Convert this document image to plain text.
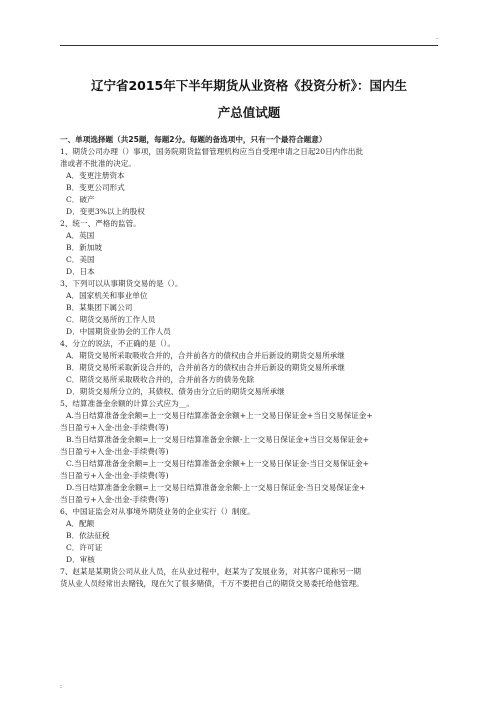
.
辽宁省2015年下半年期货从业资格《投资分析》：国内生
产总值试题

一、单项选择题（共25题，每题2分。每题的备选项中，只有一个最符合题意）

1、期货公司办理（）事项，国务院期货监督管理机构应当自受理申请之日起20日内作出批

准或者不批准的决定。

A．变更注册资本

B．变更公司形式

C．破产

D．变更3%以上的股权

2、统一、严格的监管。

A．英国

B．新加坡

C．美国

D．日本

3、下列可以从事期货交易的是（）。

A．国家机关和事业单位

B．某集团下属公司

C．期货交易所的工作人员

D．中国期货业协会的工作人员

4、分立的说法，不正确的是（）。

A．期货交易所采取吸收合并的，合并前各方的债权由合并后新设的期货交易所承继

B．期货交易所采取新设合并的，合并前各方的债权由合并后新设的期货交易所承继

C．期货交易所采取吸收合并的，合并前各方的债务免除

D．期货交易所分立的，其债权、债务由分立后的期货交易所承继

5、结算准备金余额的计算公式应为__。

A.当日结算准备金余额=上一交易日结算准备金余额+上一交易日保证金+当日交易保证金+

当日盈亏+入金-出金-手续费(等)

B.当日结算准备金余额=上一交易日结算准备金余额-上一交易日保证金+当日交易保证金+

当日盈亏+入金-出金-手续费(等)

C.当日结算准备金余额=上一交易日结算准备金余额+上一交易日保证金-当日交易保证金+

当日盈亏+入金-出金-手续费(等)

D.当日结算准备金余额=上一交易日结算准备金余额-上一交易日保证金-当日交易保证金+

当日盈亏+入金-出金-手续费(等)

6、中国证监会对从事境外期货业务的企业实行（）制度。

A．配额

B．依法征税

C．许可证

D．审核

7、赵某是某期货公司从业人员，在从业过程中，赵某为了发展业务，对其客户谎称另一期

货从业人员经常出去赌钱，现在欠了很多赌债，千万不要把自己的期货交易委托给他管理。

:
